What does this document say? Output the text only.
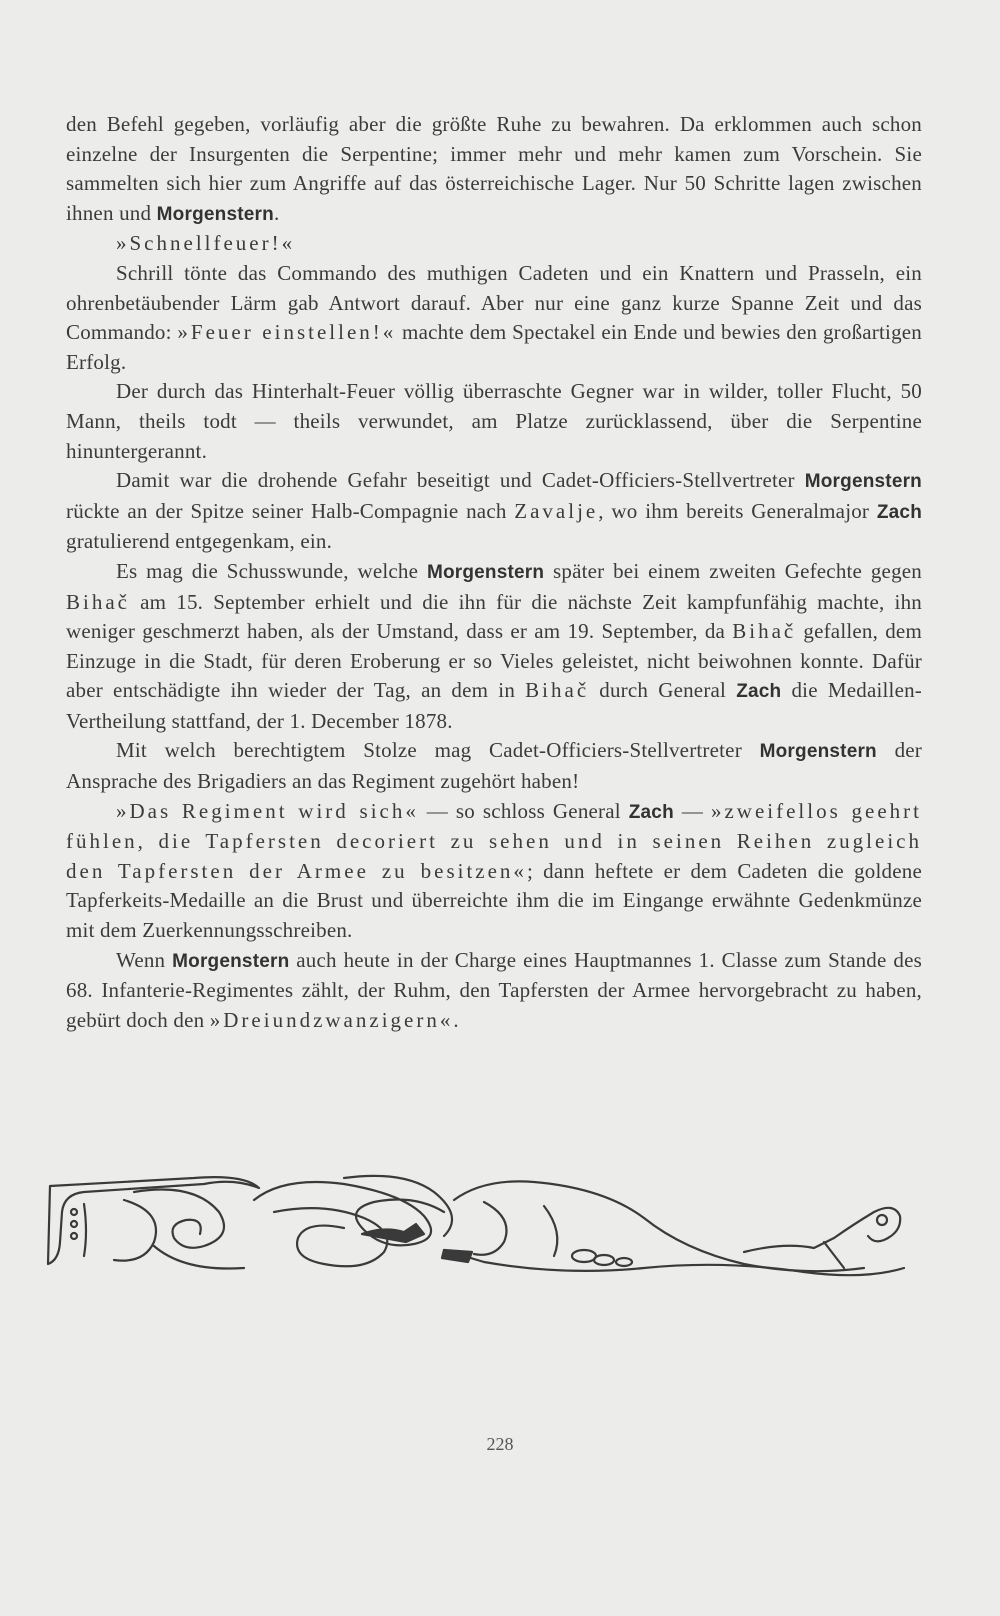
den Befehl gegeben, vorläufig aber die größte Ruhe zu bewahren. Da erklommen auch schon einzelne der Insurgenten die Serpentine; immer mehr und mehr kamen zum Vorschein. Sie sammelten sich hier zum Angriffe auf das österreichische Lager. Nur 50 Schritte lagen zwischen ihnen und Morgenstern.

»Schnellfeuer!«

Schrill tönte das Commando des muthigen Cadeten und ein Knattern und Prasseln, ein ohrenbetäubender Lärm gab Antwort darauf. Aber nur eine ganz kurze Spanne Zeit und das Commando: »Feuer einstellen!« machte dem Spectakel ein Ende und bewies den großartigen Erfolg.

Der durch das Hinterhalt-Feuer völlig überraschte Gegner war in wilder, toller Flucht, 50 Mann, theils todt — theils verwundet, am Platze zurücklassend, über die Serpentine hinuntergerannt.

Damit war die drohende Gefahr beseitigt und Cadet-Officiers-Stellvertreter Morgenstern rückte an der Spitze seiner Halb-Compagnie nach Zavalje, wo ihm bereits Generalmajor Zach gratulierend entgegenkam, ein.

Es mag die Schusswunde, welche Morgenstern später bei einem zweiten Gefechte gegen Bihač am 15. September erhielt und die ihn für die nächste Zeit kampfunfähig machte, ihn weniger geschmerzt haben, als der Umstand, dass er am 19. September, da Bihač gefallen, dem Einzuge in die Stadt, für deren Eroberung er so Vieles geleistet, nicht beiwohnen konnte. Dafür aber entschädigte ihn wieder der Tag, an dem in Bihač durch General Zach die Medaillen-Vertheilung stattfand, der 1. December 1878.

Mit welch berechtigtem Stolze mag Cadet-Officiers-Stellvertreter Morgenstern der Ansprache des Brigadiers an das Regiment zugehört haben!

»Das Regiment wird sich« — so schloss General Zach — »zweifellos geehrt fühlen, die Tapfersten decoriert zu sehen und in seinen Reihen zugleich den Tapfersten der Armee zu besitzen«; dann heftete er dem Cadeten die goldene Tapferkeits-Medaille an die Brust und überreichte ihm die im Eingange erwähnte Gedenkmünze mit dem Zuerkennungsschreiben.

Wenn Morgenstern auch heute in der Charge eines Hauptmannes 1. Classe zum Stande des 68. Infanterie-Regimentes zählt, der Ruhm, den Tapfersten der Armee hervorgebracht zu haben, gebürt doch den »Dreiundzwanzigern«.

228
